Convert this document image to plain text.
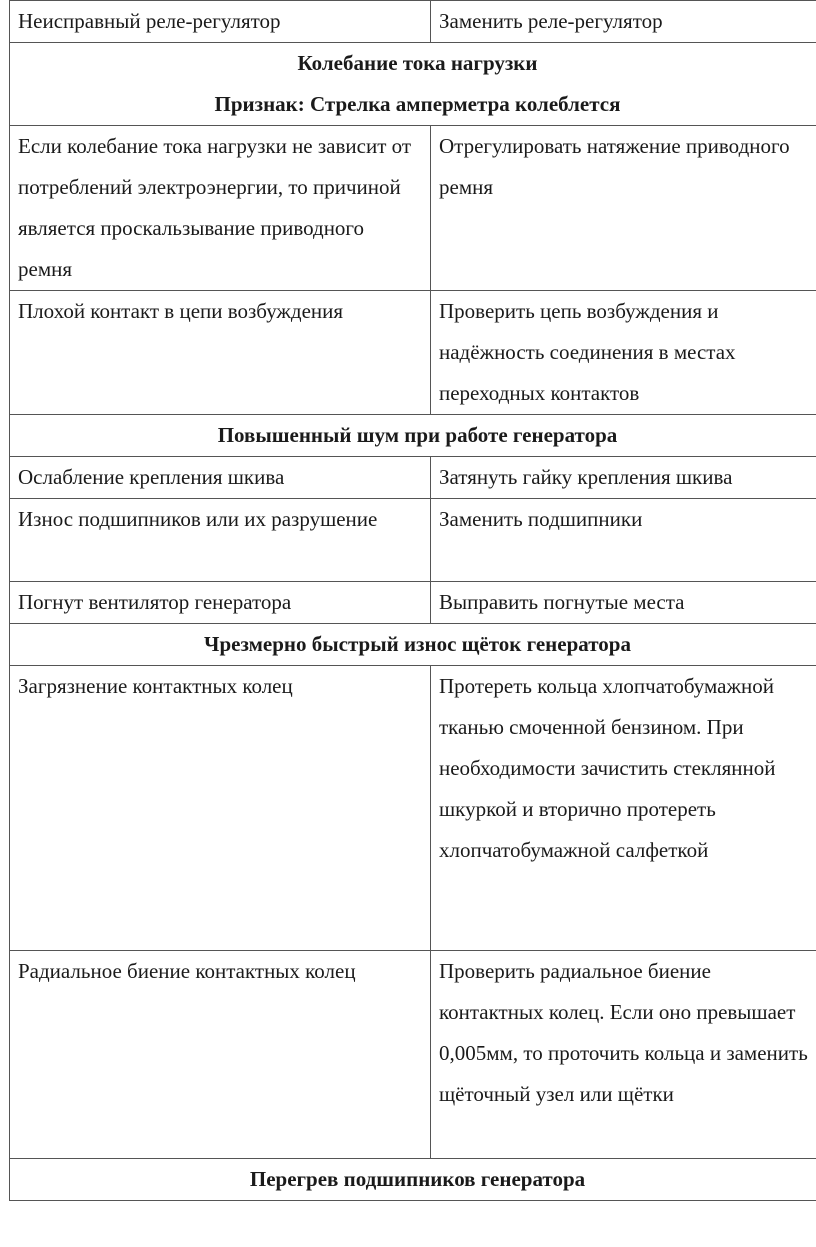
Неисправный реле-регулятор	Заменить реле-регулятор

Колебание тока нагрузки
Признак: Стрелка амперметра колеблется	

Если колебание тока нагрузки не зависит от потреблений электроэнергии, то причиной является проскальзывание приводного ремня	Отрегулировать натяжение приводного ремня
Плохой контакт в цепи возбуждения	Проверить цепь возбуждения и надёжность соединения в местах переходных контактов
Повышенный шум при работе генератора	
Ослабление крепления шкива	Затянуть гайку крепления шкива
Износ подшипников или их разрушение	Заменить подшипники
Погнут вентилятор генератора	Выправить погнутые места
Чрезмерно быстрый износ щёток генератора	
Загрязнение контактных колец	Протереть кольца хлопчатобумажной тканью смоченной бензином. При необходимости зачистить стеклянной шкуркой и вторично протереть хлопчатобумажной салфеткой
Радиальное биение контактных колец	Проверить радиальное биение контактных колец. Если оно превышает 0,005мм, то проточить кольца и заменить щёточный узел или щётки
Перегрев подшипников генератора	
